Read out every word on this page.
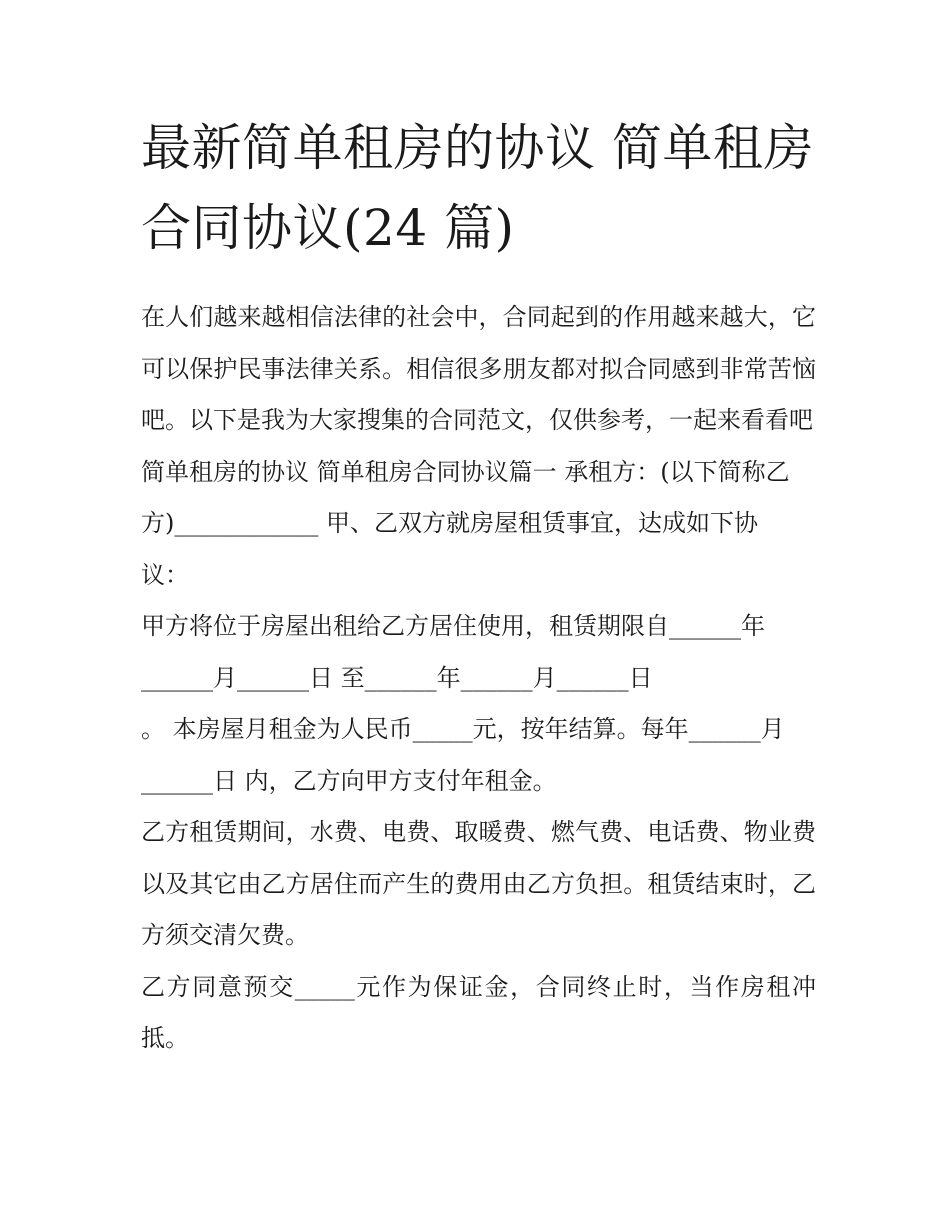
最新简单租房的协议 简单租房
合同协议(24 篇)

在人们越来越相信法律的社会中，合同起到的作用越来越大，它可以保护民事法律关系。相信很多朋友都对拟合同感到非常苦恼吧。以下是我为大家搜集的合同范文，仅供参考，一起来看看吧

简单租房的协议 简单租房合同协议篇一 承租方：(以下简称乙

方)____________ 甲、乙双方就房屋租赁事宜，达成如下协

议：

甲方将位于房屋出租给乙方居住使用，租赁期限自______年

______月______日 至______年______月______日

。 本房屋月租金为人民币_____元，按年结算。每年______月

______日 内，乙方向甲方支付年租金。

乙方租赁期间，水费、电费、取暖费、燃气费、电话费、物业费以及其它由乙方居住而产生的费用由乙方负担。租赁结束时，乙方须交清欠费。

乙方同意预交_____元作为保证金，合同终止时，当作房租冲抵。
